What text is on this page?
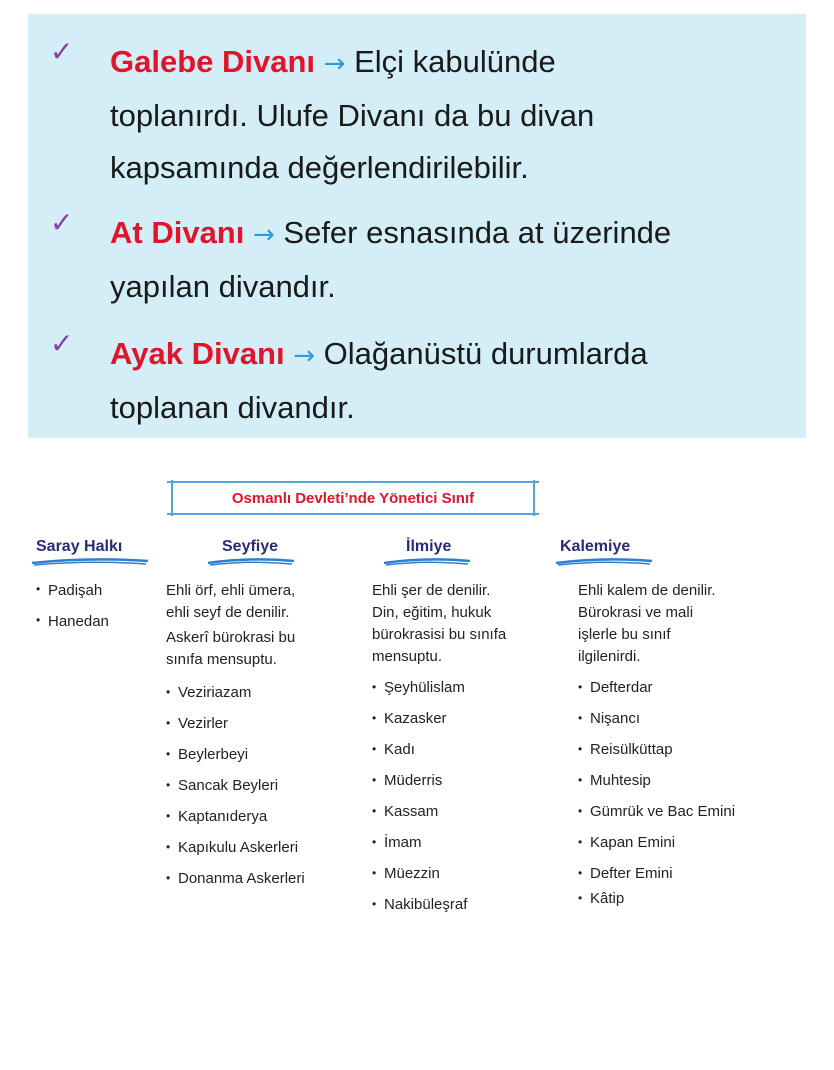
✓ Galebe Divanı → Elçi kabulünde
toplanırdı. Ulufe Divanı da bu divan
kapsamında değerlendirilebilir.
✓ At Divanı → Sefer esnasında at üzerinde
yapılan divandır.
✓ Ayak Divanı → Olağanüstü durumlarda
toplanan divandır.
Osmanlı Devleti’nde Yönetici Sınıf
Saray Halkı
• Padişah
• Hanedan
Seyfiye
Ehli örf, ehli ümera,
ehli seyf de denilir.
Askerî bürokrasi bu
sınıfa mensuptu.
• Veziriazam
• Vezirler
• Beylerbeyi
• Sancak Beyleri
• Kaptanıderya
• Kapıkulu Askerleri
• Donanma Askerleri
İlmiye
Ehli şer de denilir.
Din, eğitim, hukuk
bürokrasisi bu sınıfa
mensuptu.
• Şeyhülislam
• Kazasker
• Kadı
• Müderris
• Kassam
• İmam
• Müezzin
• Nakibüleşraf
Kalemiye
Ehli kalem de denilir.
Bürokrasi ve mali
işlerle bu sınıf
ilgilenirdi.
• Defterdar
• Nişancı
• Reisülküttap
• Muhtesip
• Gümrük ve Bac Emini
• Kapan Emini
• Defter Emini
• Kâtip
